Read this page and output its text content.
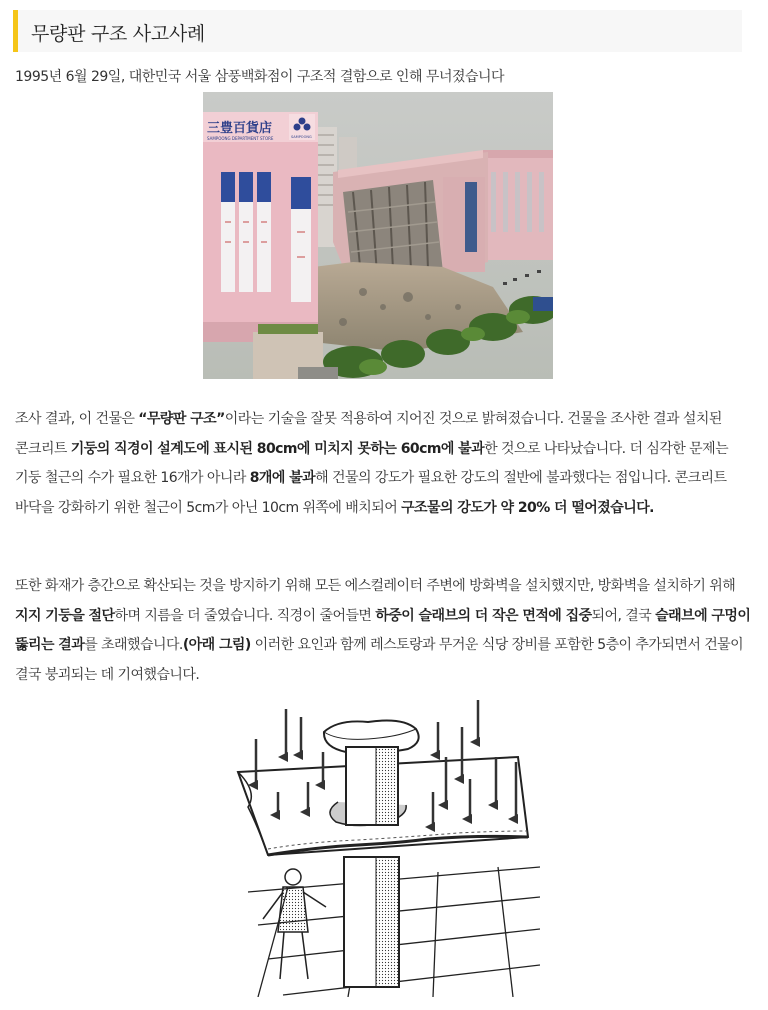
무량판 구조 사고사례
1995년 6월 29일, 대한민국 서울 삼풍백화점이 구조적 결함으로 인해 무너졌습니다
三豊百貨店
SAMPOONG DEPARTMENT STORE	SAMPOONG

조사 결과, 이 건물은 “무량판 구조”이라는 기술을 잘못 적용하여 지어진 것으로 밝혀졌습니다. 건물을 조사한 결과 설치된 콘크리트 기둥의 직경이 설계도에 표시된 80cm에 미치지 못하는 60cm에 불과한 것으로 나타났습니다. 더 심각한 문제는 기둥 철근의 수가 필요한 16개가 아니라 8개에 불과해 건물의 강도가 필요한 강도의 절반에 불과했다는 점입니다. 콘크리트 바닥을 강화하기 위한 철근이 5cm가 아닌 10cm 위쪽에 배치되어 구조물의 강도가 약 20% 더 떨어졌습니다.

또한 화재가 층간으로 확산되는 것을 방지하기 위해 모든 에스컬레이터 주변에 방화벽을 설치했지만, 방화벽을 설치하기 위해 지지 기둥을 절단하며 지름을 더 줄였습니다. 직경이 줄어들면 하중이 슬래브의 더 작은 면적에 집중되어, 결국 슬래브에 구멍이 뚫리는 결과를 초래했습니다.(아래 그림) 이러한 요인과 함께 레스토랑과 무거운 식당 장비를 포함한 5층이 추가되면서 건물이 결국 붕괴되는 데 기여했습니다.
